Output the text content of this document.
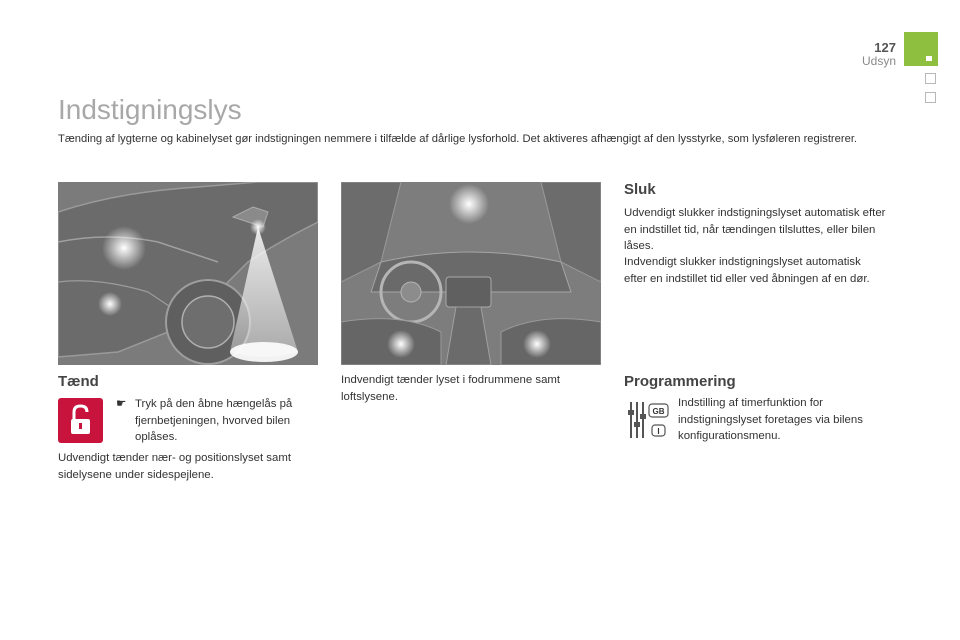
127
Udsyn
Indstigningslys
Tænding af lygterne og kabinelyset gør indstigningen nemmere i tilfælde af dårlige lysforhold. Det aktiveres afhængigt af den lysstyrke, som lysføleren registrerer.
Tænd
☛ Tryk på den åbne hængelås på fjernbetjeningen, hvorved bilen oplåses.
Udvendigt tænder nær- og positionslyset samt sidelysene under sidespejlene.
Indvendigt tænder lyset i fodrummene samt loftslysene.
Sluk
Udvendigt slukker indstigningslyset automatisk efter en indstillet tid, når tændingen tilsluttes, eller bilen låses.
Indvendigt slukker indstigningslyset automatisk efter en indstillet tid eller ved åbningen af en dør.
Programmering
GB
I
Indstilling af timerfunktion for indstigningslyset foretages via bilens konfigurationsmenu.
